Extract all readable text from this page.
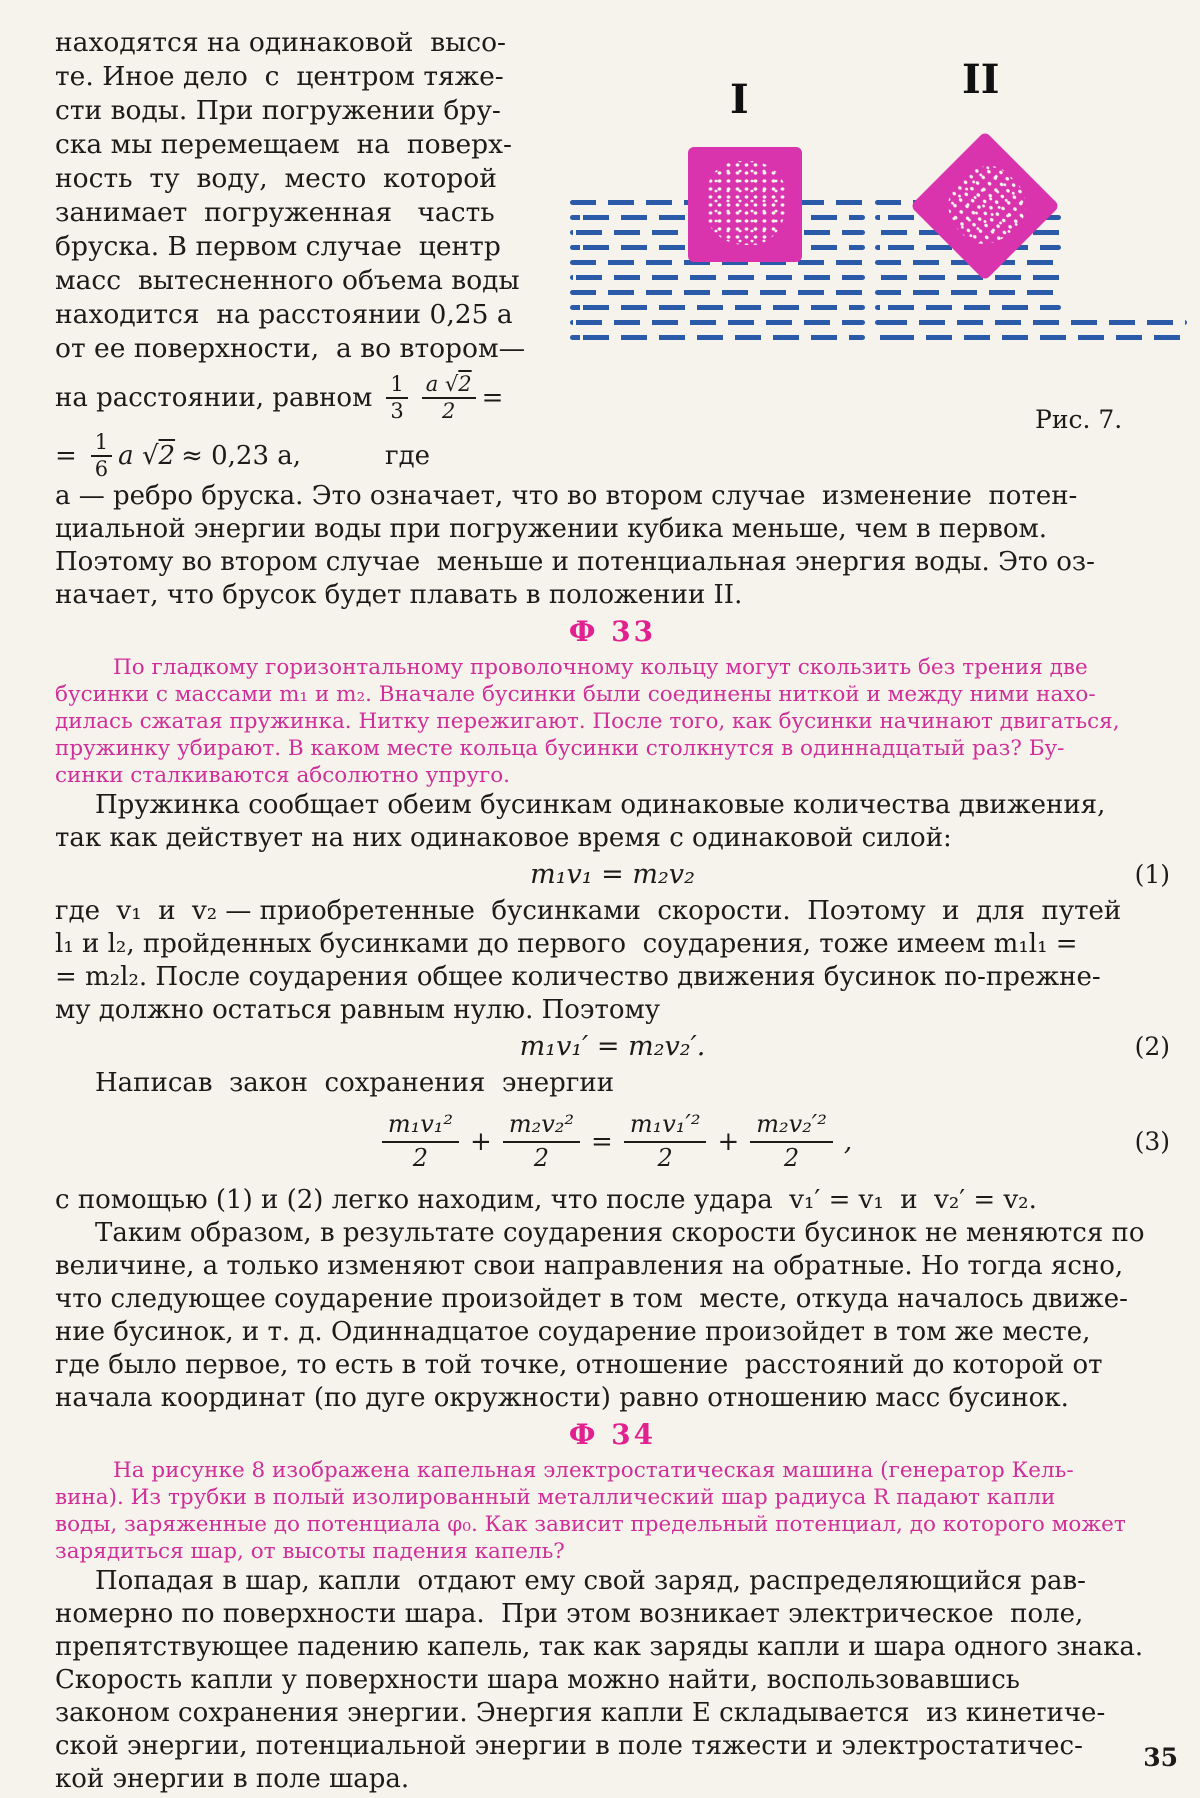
находятся на одинаковой  высо-
те. Иное дело  с  центром тяже-
сти воды. При погружении бру-
ска мы перемещаем  на  поверх-
ность  ту  воду,  место  которой
занимает  погруженная   часть
бруска. В первом случае  центр
масс  вытесненного объема воды
находится  на расстоянии 0,25 а
от ее поверхности,  а во втором—
на расстоянии, равном $\frac{1}{3} \frac{a √2}{2}$ =
= $\frac{1}{6}$ a √2 ≈ 0,23 a,	где
I	II
Рис. 7.
а — ребро бруска. Это означает, что во втором случае  изменение  потен-
циальной энергии воды при погружении кубика меньше, чем в первом.
Поэтому во втором случае  меньше и потенциальная энергия воды. Это оз-
начает, что брусок будет плавать в положении II.
Ф 33
По гладкому горизонтальному проволочному кольцу могут скользить без трения две
бусинки с массами m₁ и m₂. Вначале бусинки были соединены ниткой и между ними нахо-
дилась сжатая пружинка. Нитку пережигают. После того, как бусинки начинают двигаться,
пружинку убирают. В каком месте кольца бусинки столкнутся в одиннадцатый раз? Бу-
синки сталкиваются абсолютно упруго.
Пружинка сообщает обеим бусинкам одинаковые количества движения,
так как действует на них одинаковое время с одинаковой силой:
m₁v₁ = m₂v₂	(1)
где  v₁  и  v₂ — приобретенные  бусинками  скорости.  Поэтому  и  для  путей
l₁ и l₂, пройденных бусинками до первого  соударения, тоже имеем m₁l₁ =
= m₂l₂. После соударения общее количество движения бусинок по-прежне-
му должно остаться равным нулю. Поэтому
m₁v₁′ = m₂v₂′.	(2)
Написав  закон  сохранения  энергии
m₁v₁²
2
+ $\frac{\text{m₂v₂²}}{2} = \frac{\text{m₁v₁′²}}{2} + \frac{\text{m₂v₂′²}}{2}$ ,	(3)
с помощью (1) и (2) легко находим, что после удара  v₁′ = v₁  и  v₂′ = v₂.
Таким образом, в результате соударения скорости бусинок не меняются по
величине, а только изменяют свои направления на обратные. Но тогда ясно,
что следующее соударение произойдет в том  месте, откуда началось движе-
ние бусинок, и т. д. Одиннадцатое соударение произойдет в том же месте,
где было первое, то есть в той точке, отношение  расстояний до которой от
начала координат (по дуге окружности) равно отношению масс бусинок.
Ф 34
На рисунке 8 изображена капельная электростатическая машина (генератор Кель-
вина). Из трубки в полый изолированный металлический шар радиуса R падают капли
воды, заряженные до потенциала φ₀. Как зависит предельный потенциал, до которого может
зарядиться шар, от высоты падения капель?
Попадая в шар, капли  отдают ему свой заряд, распределяющийся рав-
номерно по поверхности шара.  При этом возникает электрическое  поле,
препятствующее падению капель, так как заряды капли и шара одного знака.
Скорость капли у поверхности шара можно найти, воспользовавшись
законом сохранения энергии. Энергия капли E складывается  из кинетиче-
ской энергии, потенциальной энергии в поле тяжести и электростатичес-
кой энергии в поле шара.
35
